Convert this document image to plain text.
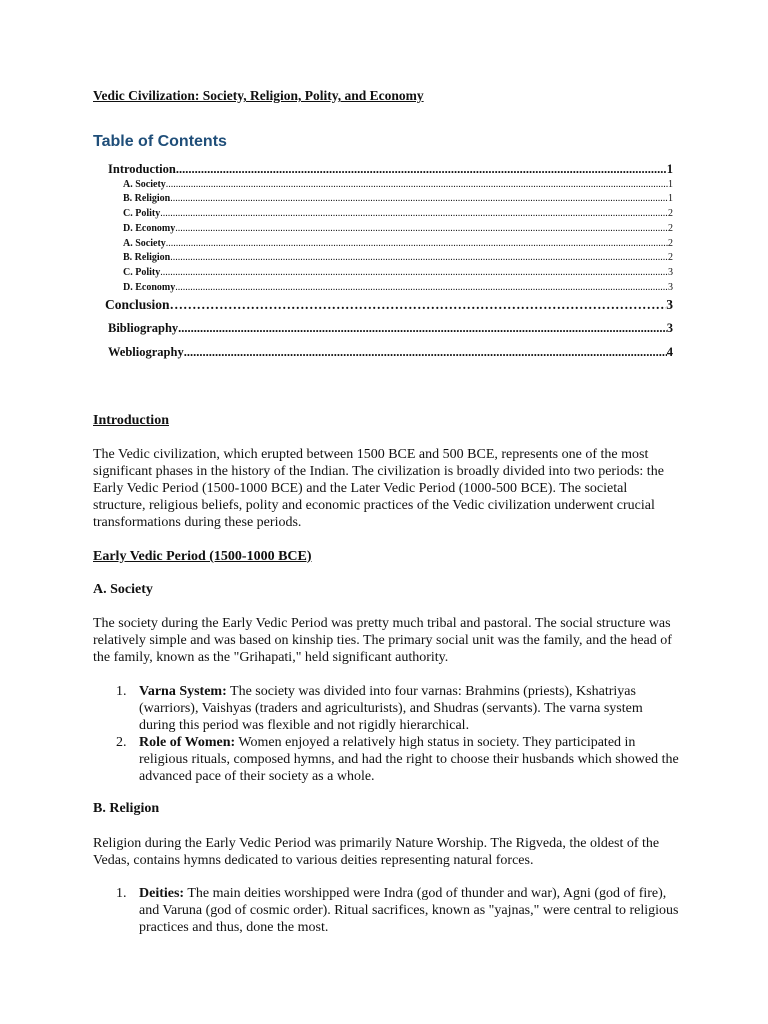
Vedic Civilization: Society, Religion, Polity, and Economy
Table of Contents
Introduction .....	1
A. Society .....	1
B. Religion .....	1
C. Polity .....	2
D. Economy .....	2
A. Society .....	2
B. Religion .....	2
C. Polity .....	3
D. Economy .....	3
Conclusion …………………………………………………………………………………………………………………………………………………………………………	3
Bibliography .....	3
Webliography .....	4
Introduction
The Vedic civilization, which erupted between 1500 BCE and 500 BCE, represents one of the most significant phases in the history of the Indian. The civilization is broadly divided into two periods: the Early Vedic Period (1500-1000 BCE) and the Later Vedic Period (1000-500 BCE). The societal structure, religious beliefs, polity and economic practices of the Vedic civilization underwent crucial transformations during these periods.
Early Vedic Period (1500-1000 BCE)
A. Society
The society during the Early Vedic Period was pretty much tribal and pastoral. The social structure was relatively simple and was based on kinship ties. The primary social unit was the family, and the head of the family, known as the "Grihapati," held significant authority.
1. Varna System: The society was divided into four varnas: Brahmins (priests), Kshatriyas (warriors), Vaishyas (traders and agriculturists), and Shudras (servants). The varna system during this period was flexible and not rigidly hierarchical.
2. Role of Women: Women enjoyed a relatively high status in society. They participated in religious rituals, composed hymns, and had the right to choose their husbands which showed the advanced pace of their society as a whole.
B. Religion
Religion during the Early Vedic Period was primarily Nature Worship. The Rigveda, the oldest of the Vedas, contains hymns dedicated to various deities representing natural forces.
1. Deities: The main deities worshipped were Indra (god of thunder and war), Agni (god of fire), and Varuna (god of cosmic order). Ritual sacrifices, known as "yajnas," were central to religious practices and thus, done the most.
